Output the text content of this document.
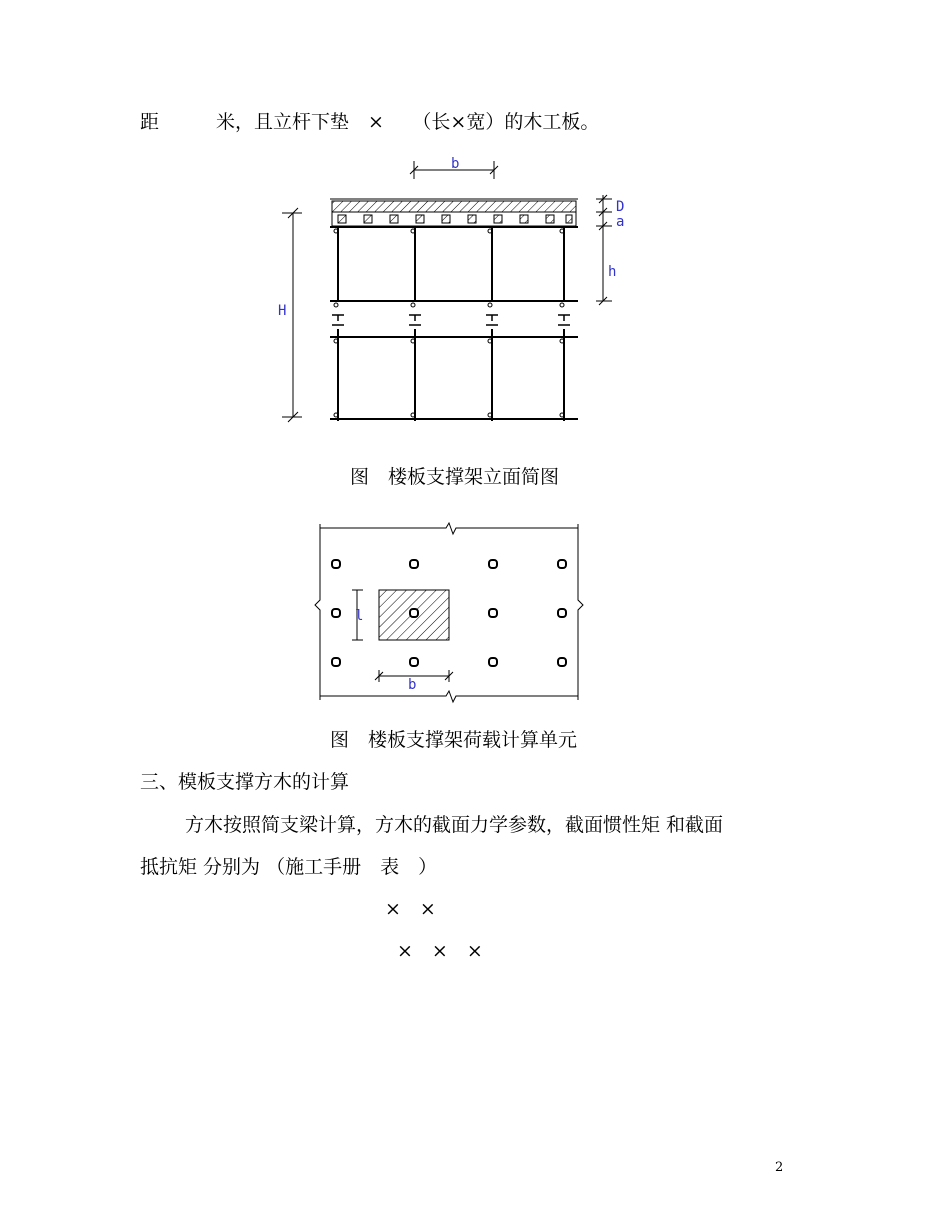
距　　　米，且立杆下垫　×　　（长×宽）的木工板。

b
H
D
a
h

图　楼板支撑架立面简图

l
b

图　楼板支撑架荷载计算单元

三、模板支撑方木的计算

方木按照简支梁计算，方木的截面力学参数，截面惯性矩 和截面

抵抗矩 分别为 （施工手册　表　）

×　×

×　×　×

2
